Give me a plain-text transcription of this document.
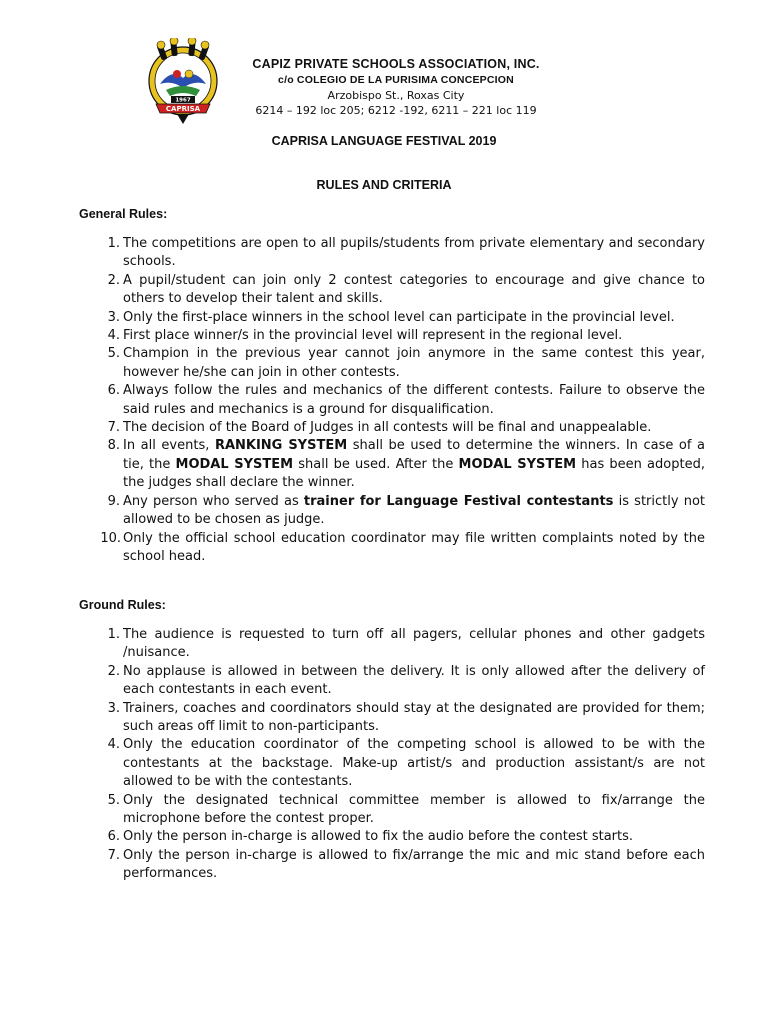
1967
CAPRISA
CAPIZ PRIVATE SCHOOLS ASSOCIATION, INC.
c/o COLEGIO DE LA PURISIMA CONCEPCION
Arzobispo St., Roxas City
6214 – 192 loc 205; 6212 -192, 6211 – 221 loc 119
CAPRISA LANGUAGE FESTIVAL 2019
RULES AND CRITERIA
General Rules:
1. The competitions are open to all pupils/students from private elementary and secondary schools.
2. A pupil/student can join only 2 contest categories to encourage and give chance to others to develop their talent and skills.
3. Only the first-place winners in the school level can participate in the provincial level.
4. First place winner/s in the provincial level will represent in the regional level.
5. Champion in the previous year cannot join anymore in the same contest this year, however he/she can join in other contests.
6. Always follow the rules and mechanics of the different contests. Failure to observe the said rules and mechanics is a ground for disqualification.
7. The decision of the Board of Judges in all contests will be final and unappealable.
8. In all events, RANKING SYSTEM shall be used to determine the winners. In case of a tie, the MODAL SYSTEM shall be used. After the MODAL SYSTEM has been adopted, the judges shall declare the winner.
9. Any person who served as trainer for Language Festival contestants is strictly not allowed to be chosen as judge.
10. Only the official school education coordinator may file written complaints noted by the school head.
Ground Rules:
1. The audience is requested to turn off all pagers, cellular phones and other gadgets /nuisance.
2. No applause is allowed in between the delivery. It is only allowed after the delivery of each contestants in each event.
3. Trainers, coaches and coordinators should stay at the designated are provided for them; such areas off limit to non-participants.
4. Only the education coordinator of the competing school is allowed to be with the contestants at the backstage. Make-up artist/s and production assistant/s are not allowed to be with the contestants.
5. Only the designated technical committee member is allowed to fix/arrange the microphone before the contest proper.
6. Only the person in-charge is allowed to fix the audio before the contest starts.
7. Only the person in-charge is allowed to fix/arrange the mic and mic stand before each performances.
